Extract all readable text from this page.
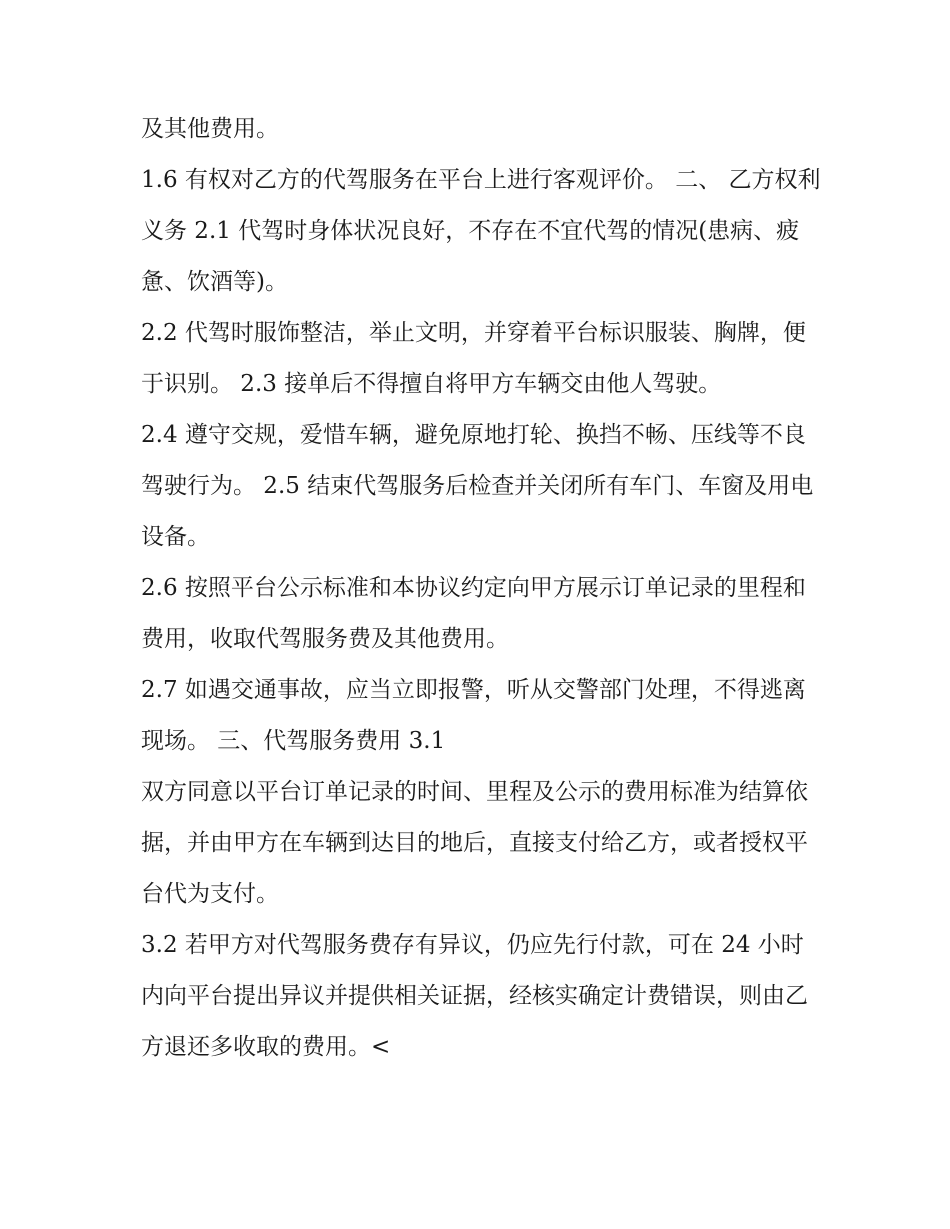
及其他费用。

1.6 有权对乙方的代驾服务在平台上进行客观评价。 二、 乙方权利义务 2.1 代驾时身体状况良好，不存在不宜代驾的情况(患病、疲惫、饮酒等)。

2.2 代驾时服饰整洁，举止文明，并穿着平台标识服装、胸牌，便于识别。 2.3 接单后不得擅自将甲方车辆交由他人驾驶。

2.4 遵守交规，爱惜车辆，避免原地打轮、换挡不畅、压线等不良驾驶行为。 2.5 结束代驾服务后检查并关闭所有车门、车窗及用电设备。

2.6 按照平台公示标准和本协议约定向甲方展示订单记录的里程和费用，收取代驾服务费及其他费用。

2.7 如遇交通事故，应当立即报警，听从交警部门处理，不得逃离现场。 三、代驾服务费用 3.1

双方同意以平台订单记录的时间、里程及公示的费用标准为结算依据，并由甲方在车辆到达目的地后，直接支付给乙方，或者授权平台代为支付。

3.2 若甲方对代驾服务费存有异议，仍应先行付款，可在 24 小时内向平台提出异议并提供相关证据，经核实确定计费错误，则由乙方退还多收取的费用。<
